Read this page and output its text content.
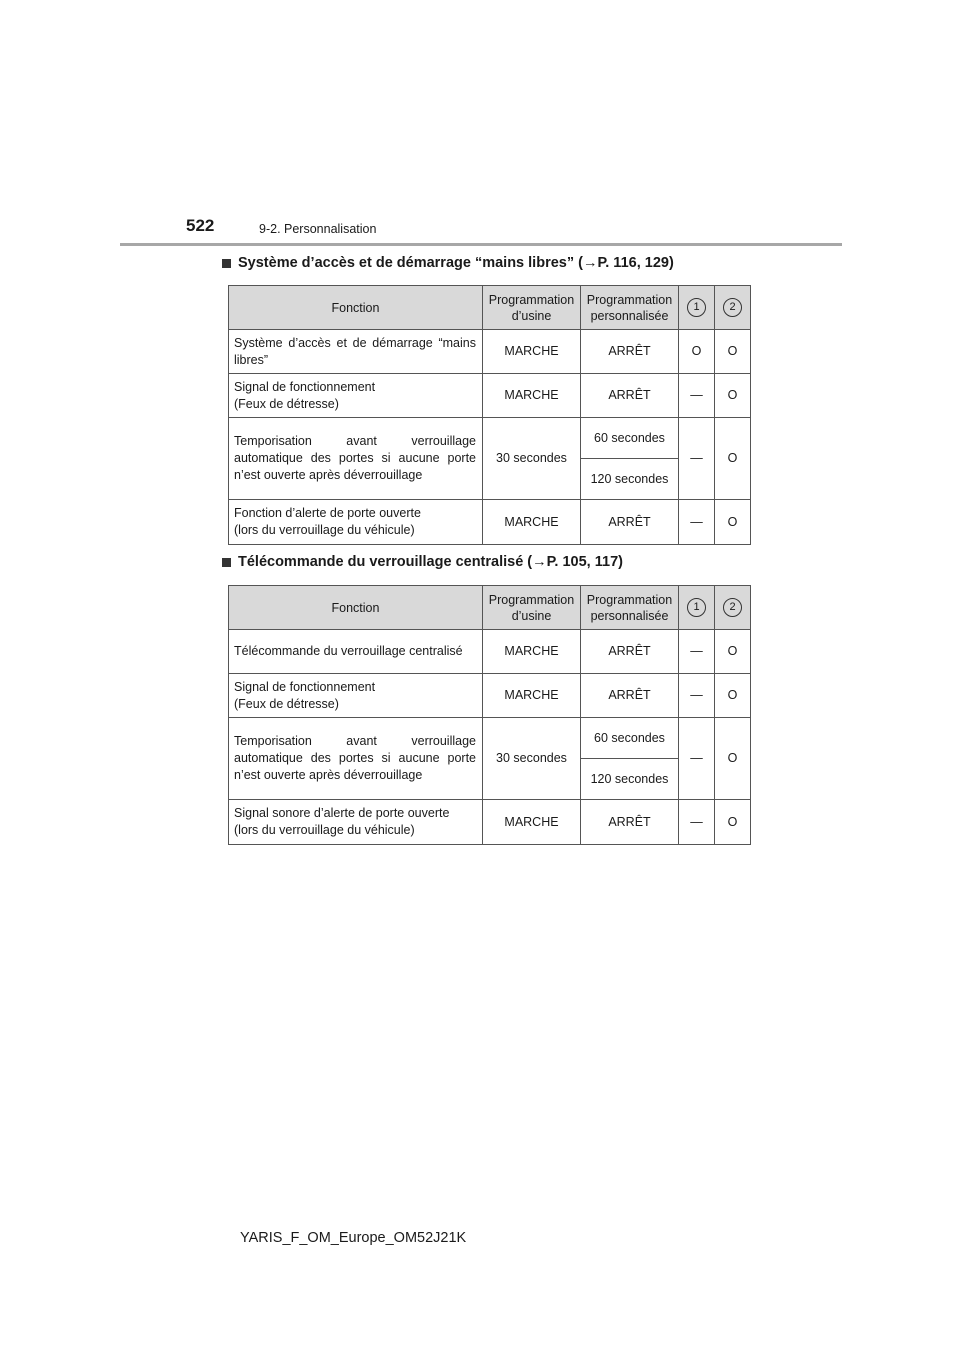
522	9-2. Personnalisation
Système d’accès et de démarrage “mains libres” (→P. 116, 129)
Fonction	Programmation d’usine	Programmation personnalisée	1	2
Système d’accès et de démarrage “mains libres”	MARCHE	ARRÊT	O	O
Signal de fonctionnement
(Feux de détresse)	MARCHE	ARRÊT	—	O
Temporisation avant verrouillage automatique des portes si aucune porte n’est ouverte après déverrouillage	30 secondes	60 secondes	—	O
		120 secondes		
Fonction d’alerte de porte ouverte
(lors du verrouillage du véhicule)	MARCHE	ARRÊT	—	O
Télécommande du verrouillage centralisé (→P. 105, 117)
Fonction	Programmation d’usine	Programmation personnalisée	1	2
Télécommande du verrouillage centralisé	MARCHE	ARRÊT	—	O
Signal de fonctionnement
(Feux de détresse)	MARCHE	ARRÊT	—	O
Temporisation avant verrouillage automatique des portes si aucune porte n’est ouverte après déverrouillage	30 secondes	60 secondes	—	O
		120 secondes		
Signal sonore d’alerte de porte ouverte
(lors du verrouillage du véhicule)	MARCHE	ARRÊT	—	O
YARIS_F_OM_Europe_OM52J21K
